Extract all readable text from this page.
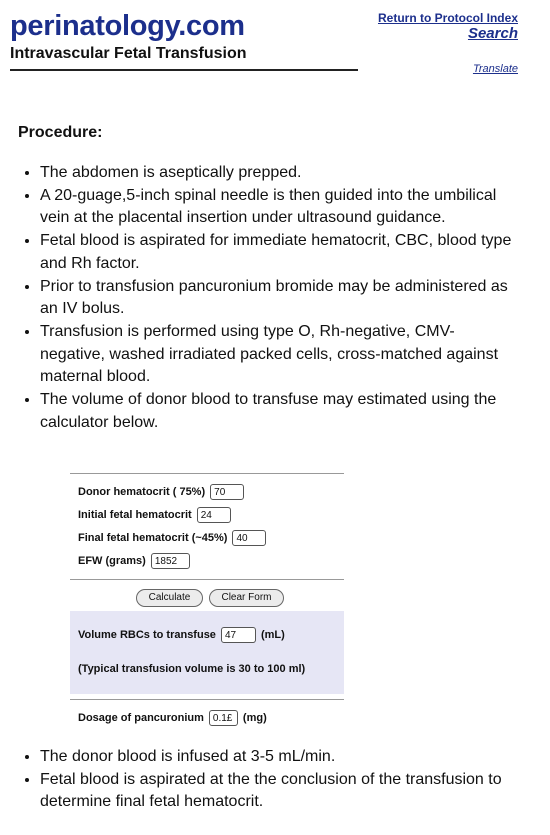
perinatology.com
Intravascular Fetal Transfusion
Return to Protocol Index
Search
Translate
Procedure:
• The abdomen is aseptically prepped.
• A 20-guage,5-inch spinal needle is then guided into the umbilical vein at the placental insertion under ultrasound guidance.
• Fetal blood is aspirated for immediate hematocrit, CBC, blood type and Rh factor.
• Prior to transfusion pancuronium bromide may be administered as an IV bolus.
• Transfusion is performed using type O, Rh-negative, CMV-negative, washed irradiated packed cells, cross-matched against maternal blood.
• The volume of donor blood to transfuse may estimated using the calculator below.
Donor hematocrit ( 75%) 70
Initial fetal hematocrit 24
Final fetal hematocrit (~45%) 40
EFW (grams) 1852
Calculate	Clear Form
Volume RBCs to transfuse 47	(mL)
(Typical transfusion volume is 30 to 100 ml)
Dosage of pancuronium 0.1£ (mg)
• The donor blood is infused at 3-5 mL/min.
• Fetal blood is aspirated at the the conclusion of the transfusion to determine final fetal hematocrit.
